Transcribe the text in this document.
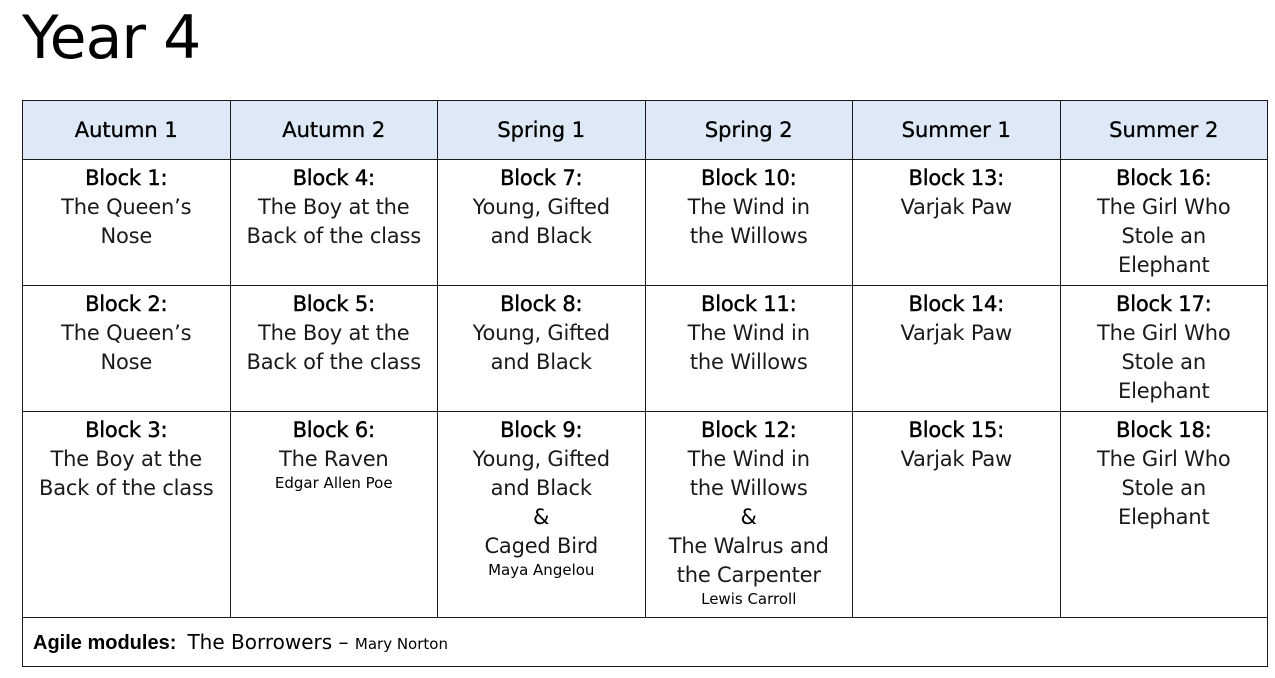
Year 4
Autumn 1	Autumn 2	Spring 1	Spring 2	Summer 1	Summer 2

Block 1:
The Queen’s Nose	Block 4:
The Boy at the Back of the class	Block 7:
Young, Gifted and Black	Block 10:
The Wind in the Willows	Block 13:
Varjak Paw	Block 16:
The Girl Who Stole an Elephant

Block 2:
The Queen’s Nose	Block 5:
The Boy at the Back of the class	Block 8:
Young, Gifted and Black	Block 11:
The Wind in the Willows	Block 14:
Varjak Paw	Block 17:
The Girl Who Stole an Elephant

Block 3:
The Boy at the Back of the class	Block 6:
The Raven
Edgar Allen Poe	Block 9:
Young, Gifted and Black
&
Caged Bird
Maya Angelou	Block 12:
The Wind in the Willows
&
The Walrus and the Carpenter
Lewis Carroll	Block 15:
Varjak Paw	Block 18:
The Girl Who Stole an Elephant

Agile modules: The Borrowers – Mary Norton					
